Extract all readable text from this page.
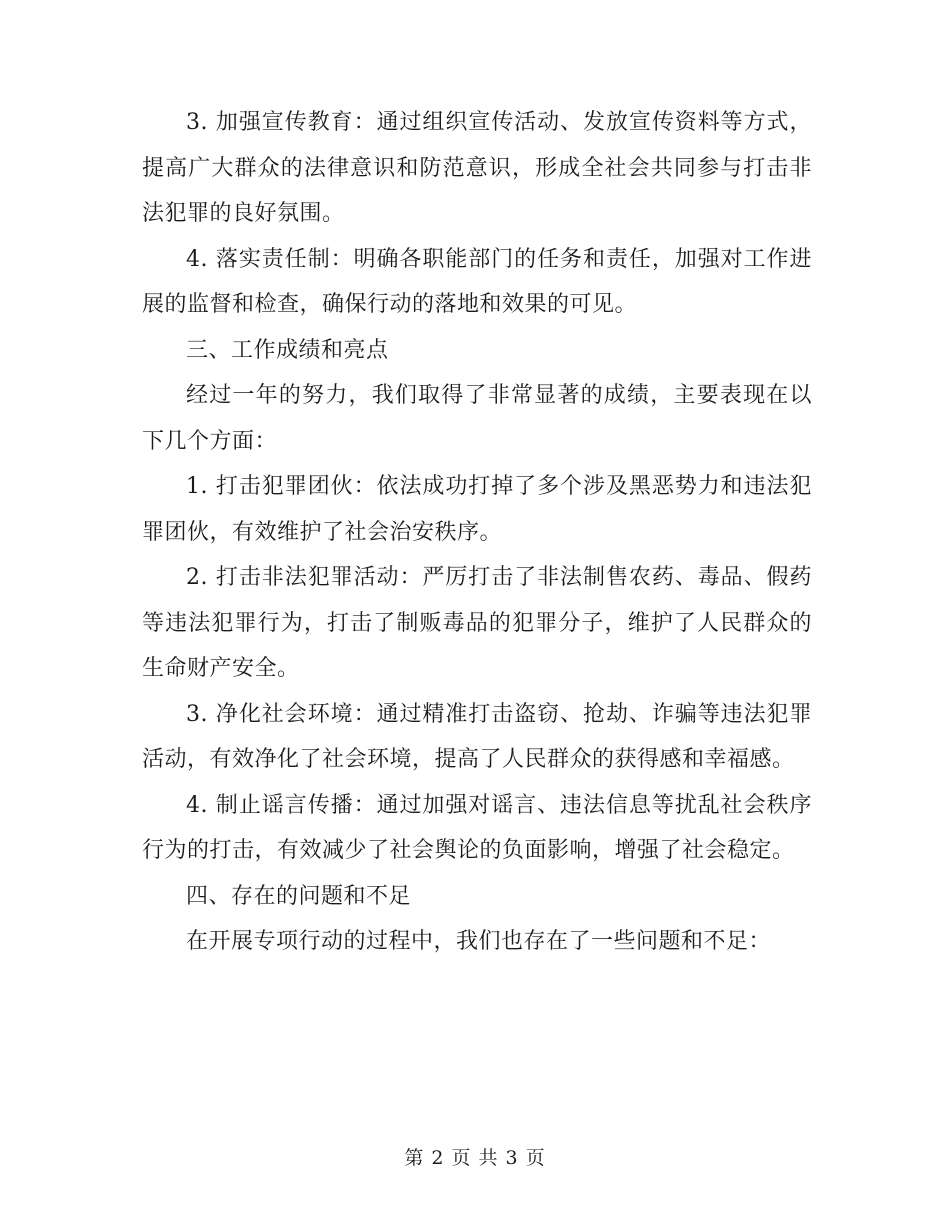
3. 加强宣传教育：通过组织宣传活动、发放宣传资料等方式，提高广大群众的法律意识和防范意识，形成全社会共同参与打击非法犯罪的良好氛围。

4. 落实责任制：明确各职能部门的任务和责任，加强对工作进展的监督和检查，确保行动的落地和效果的可见。

三、工作成绩和亮点

经过一年的努力，我们取得了非常显著的成绩，主要表现在以下几个方面：

1. 打击犯罪团伙：依法成功打掉了多个涉及黑恶势力和违法犯罪团伙，有效维护了社会治安秩序。

2. 打击非法犯罪活动：严厉打击了非法制售农药、毒品、假药等违法犯罪行为，打击了制贩毒品的犯罪分子，维护了人民群众的生命财产安全。

3. 净化社会环境：通过精准打击盗窃、抢劫、诈骗等违法犯罪活动，有效净化了社会环境，提高了人民群众的获得感和幸福感。

4. 制止谣言传播：通过加强对谣言、违法信息等扰乱社会秩序行为的打击，有效减少了社会舆论的负面影响，增强了社会稳定。

四、存在的问题和不足

在开展专项行动的过程中，我们也存在了一些问题和不足：

第 2 页 共 3 页
